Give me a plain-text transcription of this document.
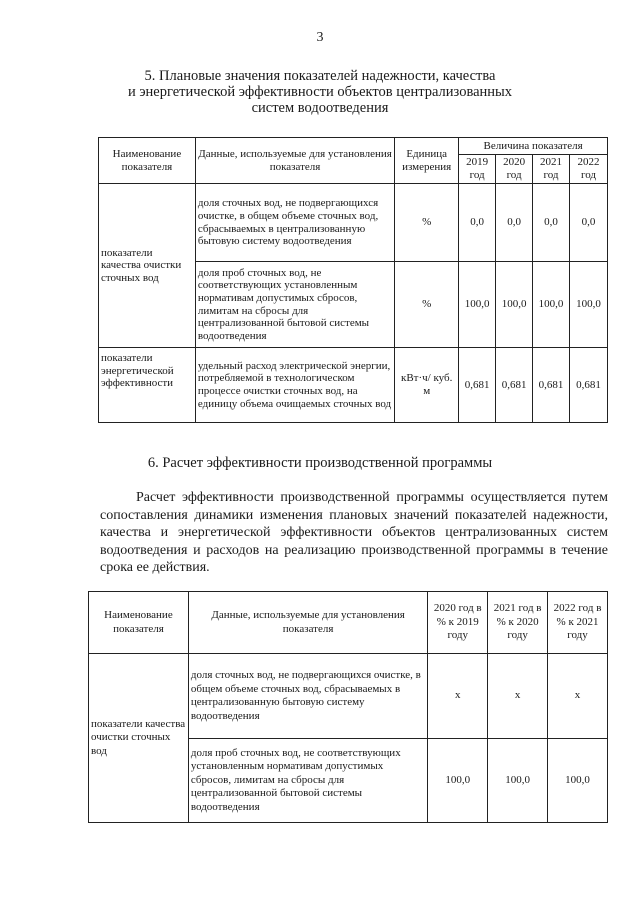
3
5. Плановые значения показателей надежности, качества
и энергетической эффективности объектов централизованных
систем водоотведения
Наименование показателя	Данные, используемые для установления показателя	Единица измерения	Величина показателя			
			2019 год	2020 год	2021 год	2022 год
показатели качества очистки сточных вод	доля сточных вод, не подвергающихся очистке, в общем объеме сточных вод, сбрасываемых в централизованную бытовую систему водоотведения	%	0,0	0,0	0,0	0,0
	доля проб сточных вод, не соответствующих установленным нормативам допустимых сбросов, лимитам на сбросы для централизованной бытовой системы водоотведения	%	100,0	100,0	100,0	100,0
показатели энергетической эффективности	удельный расход электрической энергии, потребляемой в технологическом процессе очистки сточных вод, на единицу объема очищаемых сточных вод	кВт·ч/ куб. м	0,681	0,681	0,681	0,681
6. Расчет эффективности производственной программы
Расчет эффективности производственной программы осуществляется путем сопоставления динамики изменения плановых значений показателей надежности, качества и энергетической эффективности объектов централизованных систем водоотведения и расходов на реализацию производственной программы в течение срока ее действия.
Наименование показателя	Данные, используемые для установления показателя	2020 год в % к 2019 году	2021 год в % к 2020 году	2022 год в % к 2021 году
показатели качества очистки сточных вод	доля сточных вод, не подвергающихся очистке, в общем объеме сточных вод, сбрасываемых в централизованную бытовую систему водоотведения	х	х	х
	доля проб сточных вод, не соответствующих установленным нормативам допустимых сбросов, лимитам на сбросы для централизованной бытовой системы водоотведения	100,0	100,0	100,0
